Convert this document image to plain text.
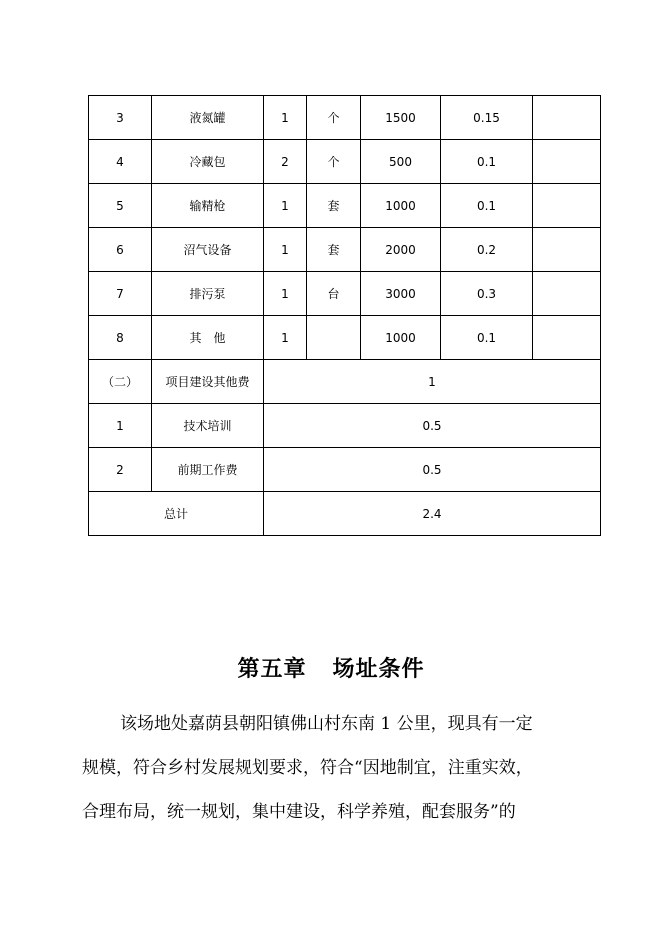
3	液氮罐	1	个	1500	0.15	
4	冷藏包	2	个	500	0.1	
5	输精枪	1	套	1000	0.1	
6	沼气设备	1	套	2000	0.2	
7	排污泵	1	台	3000	0.3	
8	其　他	1		1000	0.1	
（二）	项目建设其他费	1				
1	技术培训	0.5				
2	前期工作费	0.5				
总计		2.4				
第五章 场址条件
该场地处嘉荫县朝阳镇佛山村东南 1 公里，现具有一定
规模，符合乡村发展规划要求，符合“因地制宜，注重实效，
合理布局，统一规划，集中建设，科学养殖，配套服务”的
